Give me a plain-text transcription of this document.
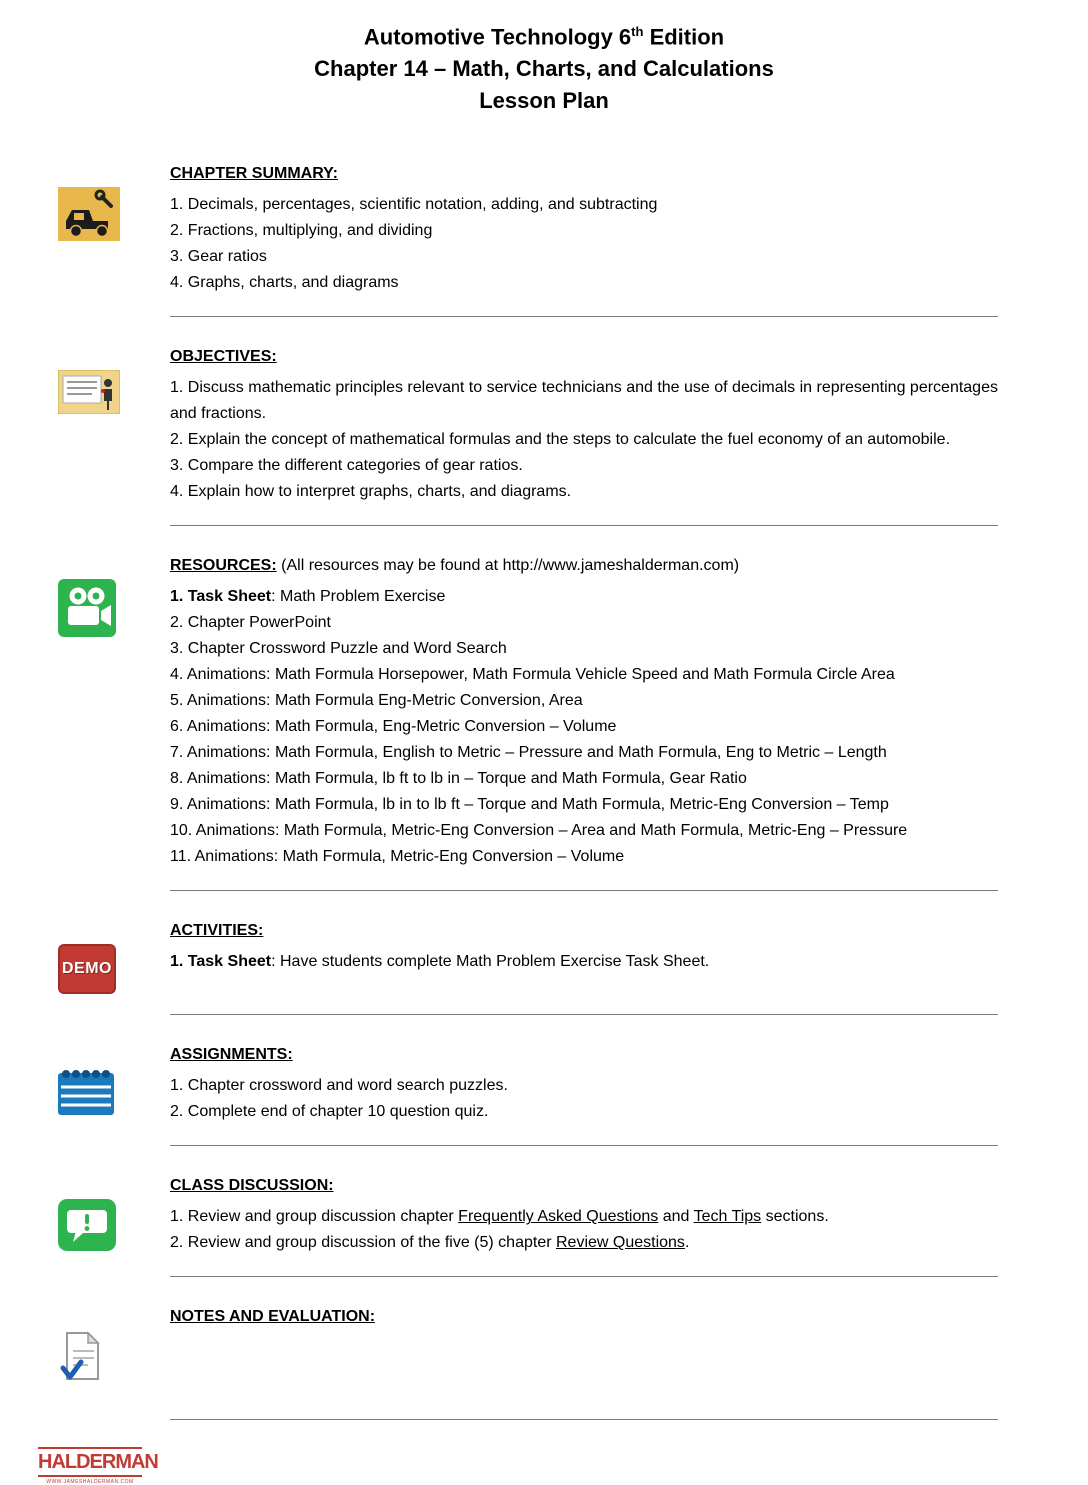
Automotive Technology 6th Edition
Chapter 14 – Math, Charts, and Calculations
Lesson Plan
CHAPTER SUMMARY:
1. Decimals, percentages, scientific notation, adding, and subtracting
2. Fractions, multiplying, and dividing
3. Gear ratios
4. Graphs, charts, and diagrams
OBJECTIVES:
1. Discuss mathematic principles relevant to service technicians and the use of decimals in representing percentages and fractions.
2. Explain the concept of mathematical formulas and the steps to calculate the fuel economy of an automobile.
3. Compare the different categories of gear ratios.
4. Explain how to interpret graphs, charts, and diagrams.
RESOURCES: (All resources may be found at http://www.jameshalderman.com)
1. Task Sheet: Math Problem Exercise
2. Chapter PowerPoint
3. Chapter Crossword Puzzle and Word Search
4. Animations: Math Formula Horsepower, Math Formula Vehicle Speed and Math Formula Circle Area
5. Animations: Math Formula Eng-Metric Conversion, Area
6. Animations: Math Formula, Eng-Metric Conversion – Volume
7. Animations: Math Formula, English to Metric – Pressure and Math Formula, Eng to Metric – Length
8. Animations: Math Formula, lb ft to lb in – Torque and Math Formula, Gear Ratio
9. Animations: Math Formula, lb in to lb ft – Torque and Math Formula, Metric-Eng Conversion – Temp
10. Animations: Math Formula, Metric-Eng Conversion – Area and Math Formula, Metric-Eng – Pressure
11. Animations: Math Formula, Metric-Eng Conversion – Volume
DEMO
ACTIVITIES:
1. Task Sheet: Have students complete Math Problem Exercise Task Sheet.
ASSIGNMENTS:
1. Chapter crossword and word search puzzles.
2. Complete end of chapter 10 question quiz.
CLASS DISCUSSION:
1. Review and group discussion chapter Frequently Asked Questions and Tech Tips sections.
2. Review and group discussion of the five (5) chapter Review Questions.
NOTES AND EVALUATION:
HALDERMAN
WWW.JAMESHALDERMAN.COM
